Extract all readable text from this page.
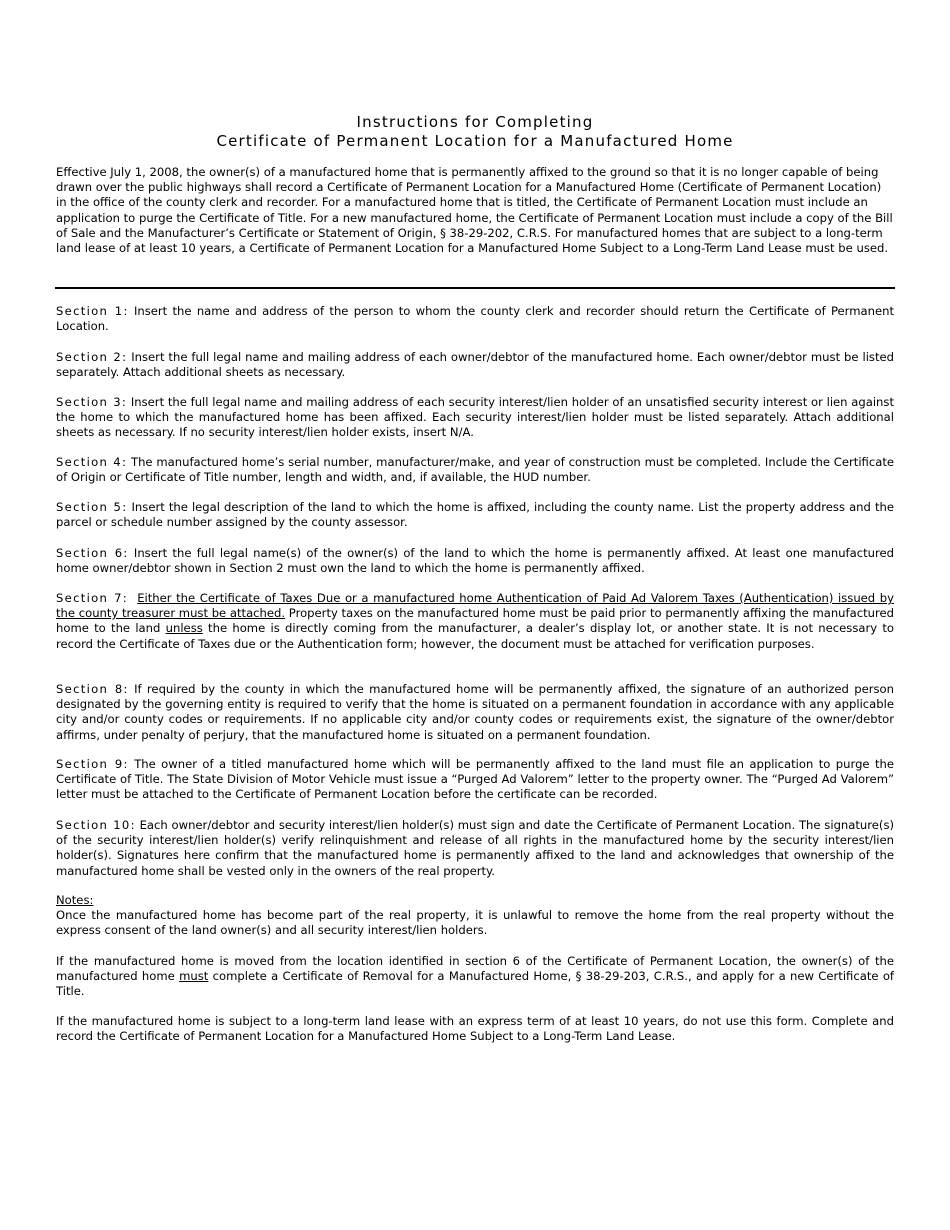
Instructions for Completing
Certificate of Permanent Location for a Manufactured Home
Effective July 1, 2008, the owner(s) of a manufactured home that is permanently affixed to the ground so that it is no longer capable of being drawn over the public highways shall record a Certificate of Permanent Location for a Manufactured Home (Certificate of Permanent Location) in the office of the county clerk and recorder. For a manufactured home that is titled, the Certificate of Permanent Location must include an application to purge the Certificate of Title. For a new manufactured home, the Certificate of Permanent Location must include a copy of the Bill of Sale and the Manufacturer’s Certificate or Statement of Origin, § 38-29-202, C.R.S. For manufactured homes that are subject to a long-term land lease of at least 10 years, a Certificate of Permanent Location for a Manufactured Home Subject to a Long-Term Land Lease must be used.
Section 1: Insert the name and address of the person to whom the county clerk and recorder should return the Certificate of Permanent Location.
Section 2: Insert the full legal name and mailing address of each owner/debtor of the manufactured home. Each owner/debtor must be listed separately. Attach additional sheets as necessary.
Section 3: Insert the full legal name and mailing address of each security interest/lien holder of an unsatisfied security interest or lien against the home to which the manufactured home has been affixed. Each security interest/lien holder must be listed separately. Attach additional sheets as necessary. If no security interest/lien holder exists, insert N/A.
Section 4: The manufactured home’s serial number, manufacturer/make, and year of construction must be completed. Include the Certificate of Origin or Certificate of Title number, length and width, and, if available, the HUD number.
Section 5: Insert the legal description of the land to which the home is affixed, including the county name. List the property address and the parcel or schedule number assigned by the county assessor.
Section 6: Insert the full legal name(s) of the owner(s) of the land to which the home is permanently affixed. At least one manufactured home owner/debtor shown in Section 2 must own the land to which the home is permanently affixed.
Section 7: Either the Certificate of Taxes Due or a manufactured home Authentication of Paid Ad Valorem Taxes (Authentication) issued by the county treasurer must be attached. Property taxes on the manufactured home must be paid prior to permanently affixing the manufactured home to the land unless the home is directly coming from the manufacturer, a dealer’s display lot, or another state. It is not necessary to record the Certificate of Taxes due or the Authentication form; however, the document must be attached for verification purposes.
Section 8: If required by the county in which the manufactured home will be permanently affixed, the signature of an authorized person designated by the governing entity is required to verify that the home is situated on a permanent foundation in accordance with any applicable city and/or county codes or requirements. If no applicable city and/or county codes or requirements exist, the signature of the owner/debtor affirms, under penalty of perjury, that the manufactured home is situated on a permanent foundation.
Section 9: The owner of a titled manufactured home which will be permanently affixed to the land must file an application to purge the Certificate of Title. The State Division of Motor Vehicle must issue a “Purged Ad Valorem” letter to the property owner. The “Purged Ad Valorem” letter must be attached to the Certificate of Permanent Location before the certificate can be recorded.
Section 10: Each owner/debtor and security interest/lien holder(s) must sign and date the Certificate of Permanent Location. The signature(s) of the security interest/lien holder(s) verify relinquishment and release of all rights in the manufactured home by the security interest/lien holder(s). Signatures here confirm that the manufactured home is permanently affixed to the land and acknowledges that ownership of the manufactured home shall be vested only in the owners of the real property.
Notes:
Once the manufactured home has become part of the real property, it is unlawful to remove the home from the real property without the express consent of the land owner(s) and all security interest/lien holders.
If the manufactured home is moved from the location identified in section 6 of the Certificate of Permanent Location, the owner(s) of the manufactured home must complete a Certificate of Removal for a Manufactured Home, § 38-29-203, C.R.S., and apply for a new Certificate of Title.
If the manufactured home is subject to a long-term land lease with an express term of at least 10 years, do not use this form. Complete and record the Certificate of Permanent Location for a Manufactured Home Subject to a Long-Term Land Lease.
